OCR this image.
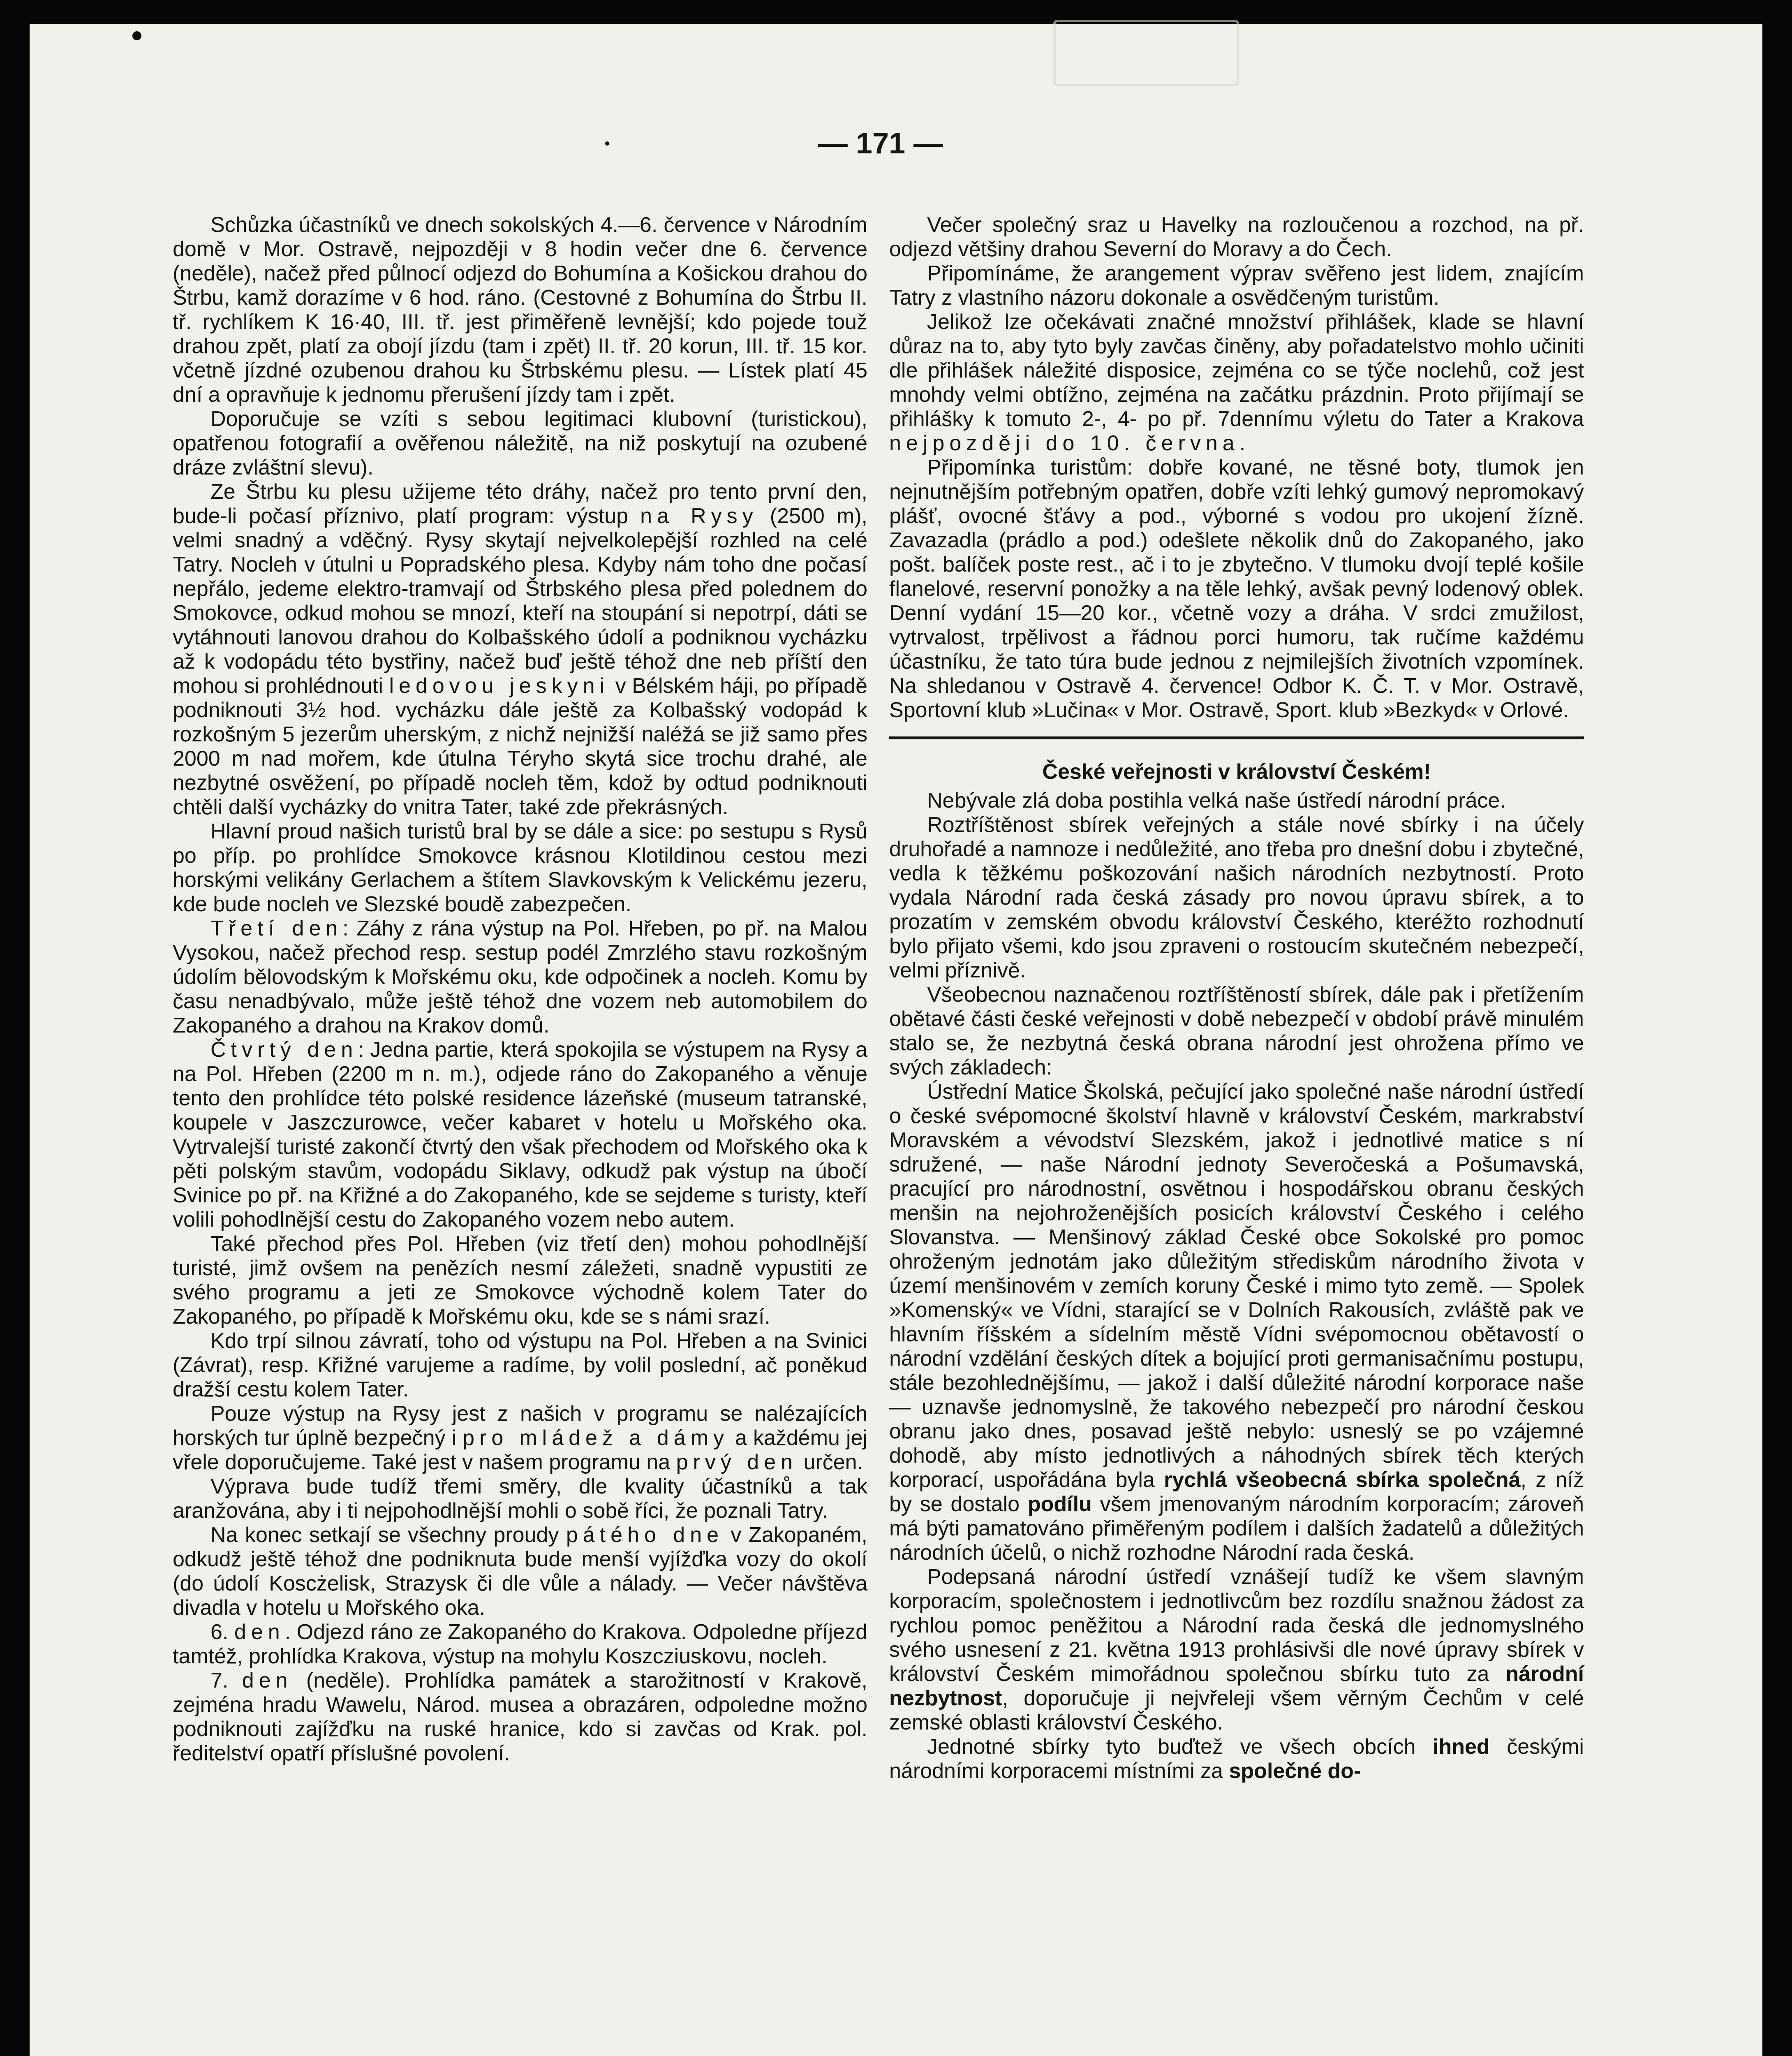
— 171 —

Schůzka účastníků ve dnech sokolských 4.—6. července v Národním domě v Mor. Ostravě, nejpozději v 8 hodin večer dne 6. července (neděle), načež před půlnocí odjezd do Bohumína a Košickou drahou do Štrbu, kamž dorazíme v 6 hod. ráno. (Cestovné z Bohumína do Štrbu II. tř. rychlíkem K 16·40, III. tř. jest přiměřeně levnější; kdo pojede touž drahou zpět, platí za obojí jízdu (tam i zpět) II. tř. 20 korun, III. tř. 15 kor. včetně jízdné ozubenou drahou ku Štrbskému plesu. — Lístek platí 45 dní a opravňuje k jednomu přerušení jízdy tam i zpět.

Doporučuje se vzíti s sebou legitimaci klubovní (turistickou), opatřenou fotografií a ověřenou náležitě, na niž poskytují na ozubené dráze zvláštní slevu).

Ze Štrbu ku plesu užijeme této dráhy, načež pro tento první den, bude-li počasí příznivo, platí program: výstup na Rysy (2500 m), velmi snadný a vděčný. Rysy skytají nejvelkolepější rozhled na celé Tatry. Nocleh v útulni u Popradského plesa. Kdyby nám toho dne počasí nepřálo, jedeme elektro-tramvají od Štrbského plesa před polednem do Smokovce, odkud mohou se mnozí, kteří na stoupání si nepotrpí, dáti se vytáhnouti lanovou drahou do Kolbašského údolí a podniknou vycházku až k vodopádu této bystřiny, načež buď ještě téhož dne neb příští den mohou si prohlédnouti ledovou jeskyni v Bélském háji, po případě podniknouti 3½ hod. vycházku dále ještě za Kolbašský vodopád k rozkošným 5 jezerům uherským, z nichž nejnižší naléžá se již samo přes 2000 m nad mořem, kde útulna Téryho skytá sice trochu drahé, ale nezbytné osvěžení, po případě nocleh těm, kdož by odtud podniknouti chtěli další vycházky do vnitra Tater, také zde překrásných.

Hlavní proud našich turistů bral by se dále a sice: po sestupu s Rysů po příp. po prohlídce Smokovce krásnou Klotildinou cestou mezi horskými velikány Gerlachem a štítem Slavkovským k Velickému jezeru, kde bude nocleh ve Slezské boudě zabezpečen.

Třetí den: Záhy z rána výstup na Pol. Hřeben, po př. na Malou Vysokou, načež přechod resp. sestup podél Zmrzlého stavu rozkošným údolím bělovodským k Mořskému oku, kde odpočinek a nocleh. Komu by času nenadbývalo, může ještě téhož dne vozem neb automobilem do Zakopaného a drahou na Krakov domů.

Čtvrtý den: Jedna partie, která spokojila se výstupem na Rysy a na Pol. Hřeben (2200 m n. m.), odjede ráno do Zakopaného a věnuje tento den prohlídce této polské residence lázeňské (museum tatranské, koupele v Jaszczurowce, večer kabaret v hotelu u Mořského oka. Vytrvalejší turisté zakončí čtvrtý den však přechodem od Mořského oka k pěti polským stavům, vodopádu Siklavy, odkudž pak výstup na úbočí Svinice po př. na Křižné a do Zakopaného, kde se sejdeme s turisty, kteří volili pohodlnější cestu do Zakopaného vozem nebo autem.

Také přechod přes Pol. Hřeben (viz třetí den) mohou pohodlnější turisté, jimž ovšem na penězích nesmí záležeti, snadně vypustiti ze svého programu a jeti ze Smokovce východně kolem Tater do Zakopaného, po případě k Mořskému oku, kde se s námi srazí.

Kdo trpí silnou závratí, toho od výstupu na Pol. Hřeben a na Svinici (Závrat), resp. Křižné varujeme a radíme, by volil poslední, ač poněkud dražší cestu kolem Tater.

Pouze výstup na Rysy jest z našich v programu se nalézajících horských tur úplně bezpečný i pro mládež a dámy a každému jej vřele doporučujeme. Také jest v našem programu na prvý den určen.

Výprava bude tudíž třemi směry, dle kvality účastníků a tak aranžována, aby i ti nejpohodlnější mohli o sobě říci, že poznali Tatry.

Na konec setkají se všechny proudy pátého dne v Zakopaném, odkudž ještě téhož dne podniknuta bude menší vyjížďka vozy do okolí (do údolí Koscżelisk, Strazysk či dle vůle a nálady. — Večer návštěva divadla v hotelu u Mořského oka.

6. den. Odjezd ráno ze Zakopaného do Krakova. Odpoledne příjezd tamtéž, prohlídka Krakova, výstup na mohylu Koszcziuskovu, nocleh.

7. den (neděle). Prohlídka památek a starožitností v Krakově, zejména hradu Wawelu, Národ. musea a obrazáren, odpoledne možno podniknouti zajížďku na ruské hranice, kdo si zavčas od Krak. pol. ředitelství opatří příslušné povolení.

Večer společný sraz u Havelky na rozloučenou a rozchod, na př. odjezd většiny drahou Severní do Moravy a do Čech.

Připomínáme, že arangement výprav svěřeno jest lidem, znajícím Tatry z vlastního názoru dokonale a osvědčeným turistům.

Jelikož lze očekávati značné množství přihlášek, klade se hlavní důraz na to, aby tyto byly zavčas činěny, aby pořadatelstvo mohlo učiniti dle přihlášek náležité disposice, zejména co se týče noclehů, což jest mnohdy velmi obtížno, zejména na začátku prázdnin. Proto přijímají se přihlášky k tomuto 2-, 4- po př. 7dennímu výletu do Tater a Krakova nejpozději do 10. června.

Připomínka turistům: dobře kované, ne těsné boty, tlumok jen nejnutnějším potřebným opatřen, dobře vzíti lehký gumový nepromokavý plášť, ovocné šťávy a pod., výborné s vodou pro ukojení žízně. Zavazadla (prádlo a pod.) odešlete několik dnů do Zakopaného, jako pošt. balíček poste rest., ač i to je zbytečno. V tlumoku dvojí teplé košile flanelové, reservní ponožky a na těle lehký, avšak pevný lodenový oblek. Denní vydání 15—20 kor., včetně vozy a dráha. V srdci zmužilost, vytrvalost, trpělivost a řádnou porci humoru, tak ručíme každému účastníku, že tato túra bude jednou z nejmilejších životních vzpomínek. Na shledanou v Ostravě 4. července! Odbor K. Č. T. v Mor. Ostravě, Sportovní klub »Lučina« v Mor. Ostravě, Sport. klub »Bezkyd« v Orlové.

České veřejnosti v království Českém!

Nebývale zlá doba postihla velká naše ústředí národní práce.

Roztříštěnost sbírek veřejných a stále nové sbírky i na účely druhořadé a namnoze i nedůležité, ano třeba pro dnešní dobu i zbytečné, vedla k těžkému poškozování našich národních nezbytností. Proto vydala Národní rada česká zásady pro novou úpravu sbírek, a to prozatím v zemském obvodu království Českého, kteréžto rozhodnutí bylo přijato všemi, kdo jsou zpraveni o rostoucím skutečném nebezpečí, velmi příznivě.

Všeobecnou naznačenou roztříštěností sbírek, dále pak i přetížením obětavé části české veřejnosti v době nebezpečí v období právě minulém stalo se, že nezbytná česká obrana národní jest ohrožena přímo ve svých základech:

Ústřední Matice Školská, pečující jako společné naše národní ústředí o české svépomocné školství hlavně v království Českém, markrabství Moravském a vévodství Slezském, jakož i jednotlivé matice s ní sdružené, — naše Národní jednoty Severočeská a Pošumavská, pracující pro národnostní, osvětnou i hospodářskou obranu českých menšin na nejohroženějších posicích království Českého i celého Slovanstva. — Menšinový základ České obce Sokolské pro pomoc ohroženým jednotám jako důležitým střediskům národního života v území menšinovém v zemích koruny České i mimo tyto země. — Spolek »Komenský« ve Vídni, starající se v Dolních Rakousích, zvláště pak ve hlavním říšském a sídelním městě Vídni svépomocnou obětavostí o národní vzdělání českých dítek a bojující proti germanisačnímu postupu, stále bezohlednějšímu, — jakož i další důležité národní korporace naše — uznavše jednomyslně, že takového nebezpečí pro národní českou obranu jako dnes, posavad ještě nebylo: usneslý se po vzájemné dohodě, aby místo jednotlivých a náhodných sbírek těch kterých korporací, uspořádána byla rychlá všeobecná sbírka společná, z níž by se dostalo podílu všem jmenovaným národním korporacím; zároveň má býti pamatováno přiměřeným podílem i dalších žadatelů a důležitých národních účelů, o nichž rozhodne Národní rada česká.

Podepsaná národní ústředí vznášejí tudíž ke všem slavným korporacím, společnostem i jednotlivcům bez rozdílu snažnou žádost za rychlou pomoc peněžitou a Národní rada česká dle jednomyslného svého usnesení z 21. května 1913 prohlásivši dle nové úpravy sbírek v království Českém mimořádnou společnou sbírku tuto za národní nezbytnost, doporučuje ji nejvřeleji všem věrným Čechům v celé zemské oblasti království Českého.

Jednotné sbírky tyto buďtež ve všech obcích ihned českými národními korporacemi místními za společné do-
